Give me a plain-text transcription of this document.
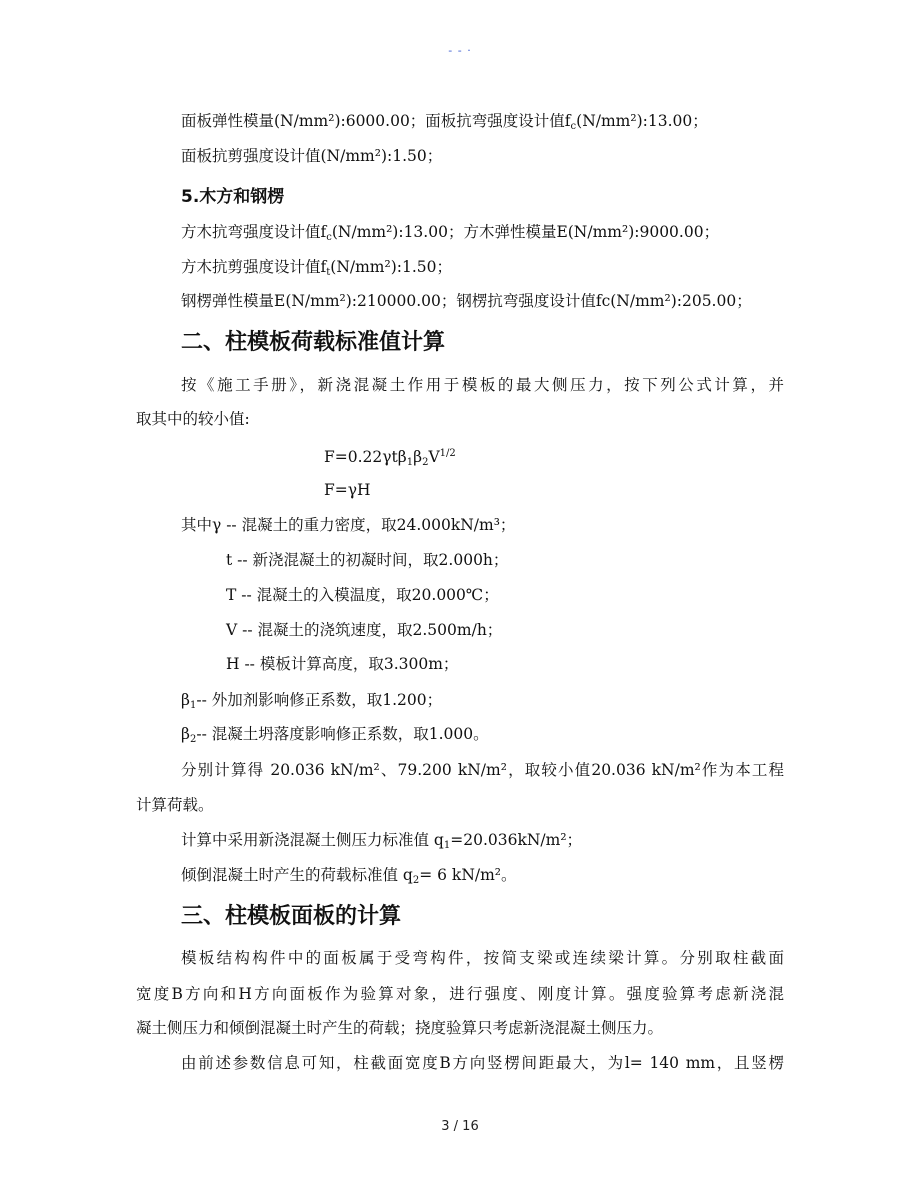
- - ·
面板弹性模量(N/mm²):6000.00；面板抗弯强度设计值$f_c(N/mm^2):13.00$；
面板抗剪强度设计值(N/mm²):1.50；
5.木方和钢楞
方木抗弯强度设计值$f_c(N/mm^2):13.00$；方木弹性模量E(N/mm²):9000.00；
方木抗剪强度设计值$f_t(N/mm^2):1.50$；
钢楞弹性模量E(N/mm²):210000.00；钢楞抗弯强度设计值fc(N/mm²):205.00；
二、柱模板荷载标准值计算
按《施工手册》，新浇混凝土作用于模板的最大侧压力，按下列公式计算，并
取其中的较小值:
$F=0.22\gamma t\beta_1\beta_2V^{1/2}$
F=γH
其中γ -- 混凝土的重力密度，取24.000kN/m³；
t -- 新浇混凝土的初凝时间，取2.000h；
T -- 混凝土的入模温度，取20.000℃；
V -- 混凝土的浇筑速度，取2.500m/h；
H -- 模板计算高度，取3.300m；
$\beta_1--$ 外加剂影响修正系数，取1.200；
$\beta_2--$ 混凝土坍落度影响修正系数，取1.000。
分别计算得 20.036 kN/m²、79.200 kN/m²，取较小值20.036 kN/m²作为本工程
计算荷载。
计算中采用新浇混凝土侧压力标准值 $q_1=20.036kN/m^2$；
倾倒混凝土时产生的荷载标准值 $q_2= 6$ kN/m²。
三、柱模板面板的计算
模板结构构件中的面板属于受弯构件，按简支梁或连续梁计算。分别取柱截面
宽度B方向和H方向面板作为验算对象，进行强度、刚度计算。强度验算考虑新浇混
凝土侧压力和倾倒混凝土时产生的荷载；挠度验算只考虑新浇混凝土侧压力。
由前述参数信息可知，柱截面宽度B方向竖楞间距最大，为l= 140 mm，且竖楞
3 / 16
